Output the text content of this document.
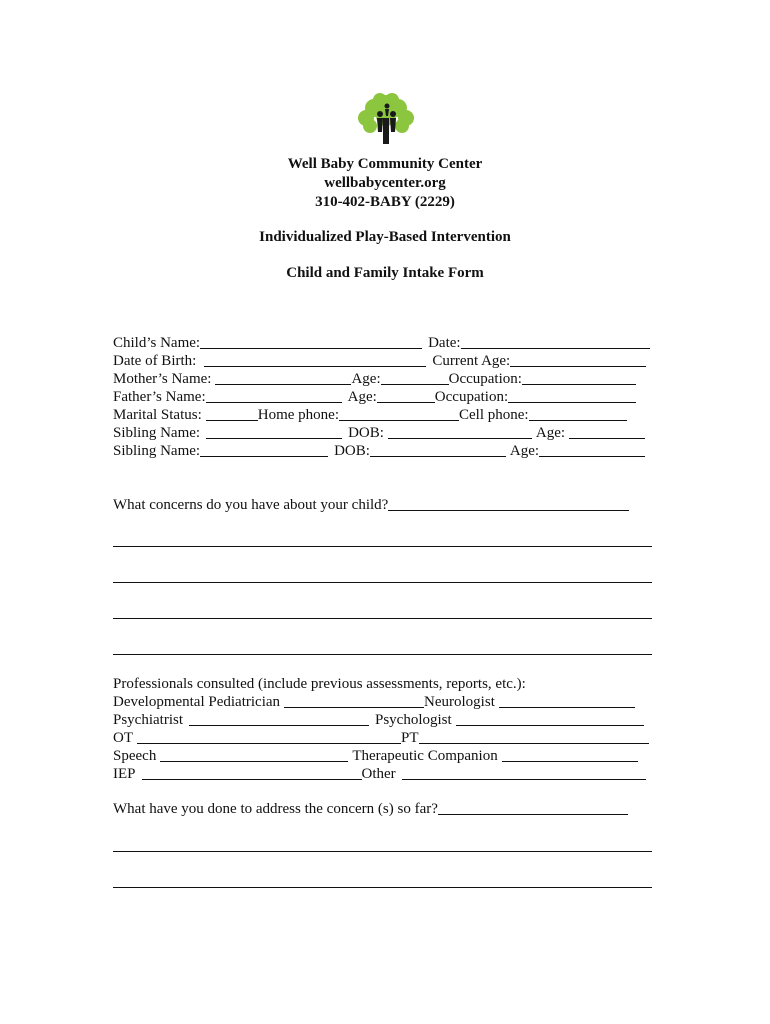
Well Baby Community Center
wellbabycenter.org
310-402-BABY (2229)
Individualized Play-Based Intervention
Child and Family Intake Form
Child’s Name:	Date:
Date of Birth:	Current Age:
Mother’s Name:	Age:	Occupation:
Father’s Name:	Age:	Occupation:
Marital Status:	Home phone:	Cell phone:
Sibling Name:	DOB:	Age:
Sibling Name:	DOB:	Age:
What concerns do you have about your child?
Professionals consulted (include previous assessments, reports, etc.):
Developmental Pediatrician	Neurologist
Psychiatrist	Psychologist
OT	PT
Speech	Therapeutic Companion
IEP	Other
What have you done to address the concern (s) so far?
